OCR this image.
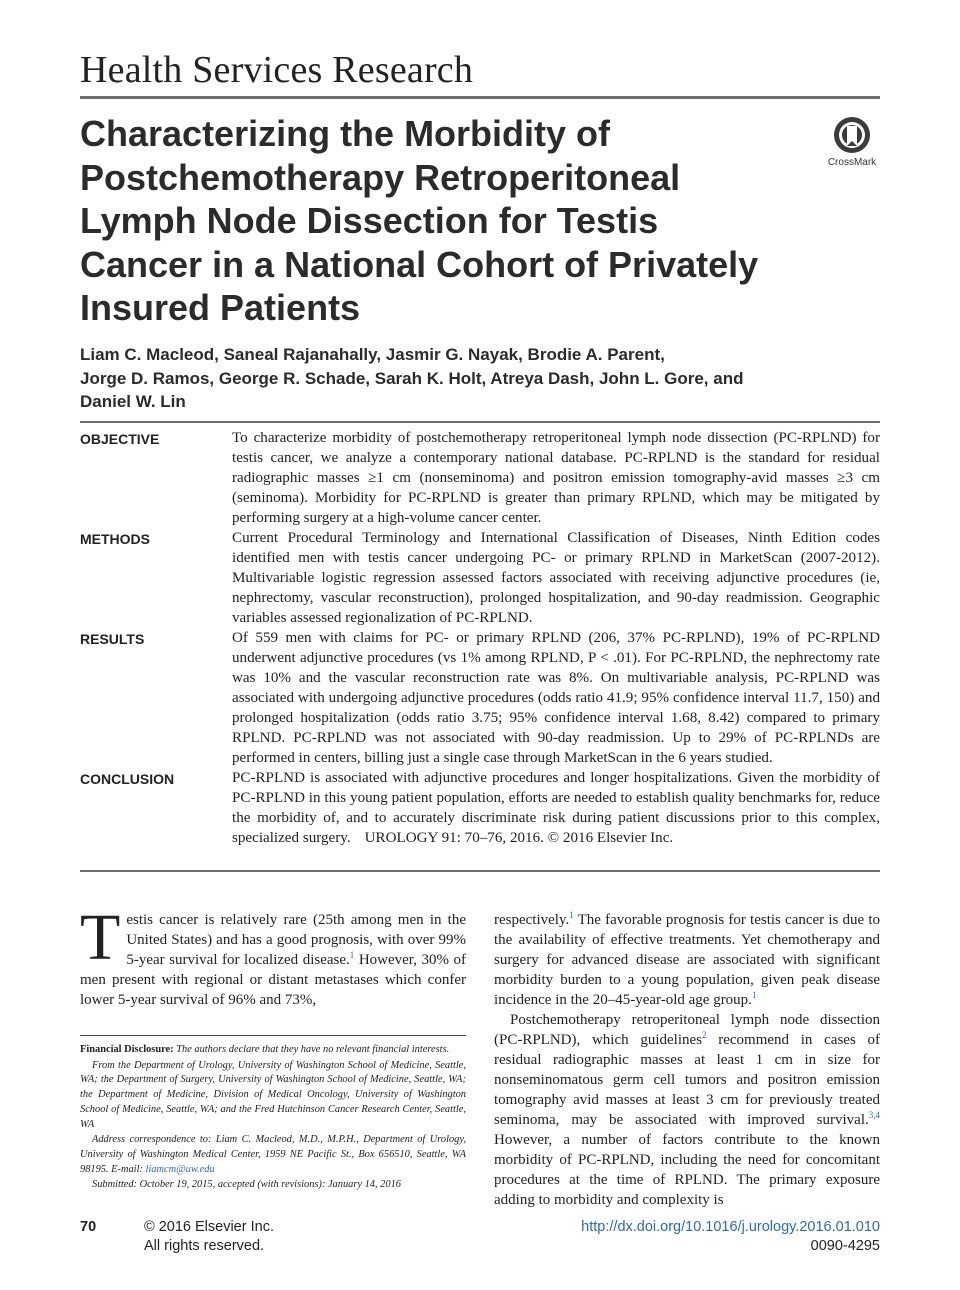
Health Services Research
Characterizing the Morbidity of Postchemotherapy Retroperitoneal Lymph Node Dissection for Testis Cancer in a National Cohort of Privately Insured Patients
CrossMark
Liam C. Macleod, Saneal Rajanahally, Jasmir G. Nayak, Brodie A. Parent,
Jorge D. Ramos, George R. Schade, Sarah K. Holt, Atreya Dash, John L. Gore, and
Daniel W. Lin
OBJECTIVE	To characterize morbidity of postchemotherapy retroperitoneal lymph node dissection (PC-RPLND) for testis cancer, we analyze a contemporary national database. PC-RPLND is the standard for residual radiographic masses ≥1 cm (nonseminoma) and positron emission tomography-avid masses ≥3 cm (seminoma). Morbidity for PC-RPLND is greater than primary RPLND, which may be mitigated by performing surgery at a high-volume cancer center.
METHODS	Current Procedural Terminology and International Classification of Diseases, Ninth Edition codes identified men with testis cancer undergoing PC- or primary RPLND in MarketScan (2007-2012). Multivariable logistic regression assessed factors associated with receiving adjunctive procedures (ie, nephrectomy, vascular reconstruction), prolonged hospitalization, and 90-day readmission. Geographic variables assessed regionalization of PC-RPLND.
RESULTS	Of 559 men with claims for PC- or primary RPLND (206, 37% PC-RPLND), 19% of PC-RPLND underwent adjunctive procedures (vs 1% among RPLND, P < .01). For PC-RPLND, the nephrectomy rate was 10% and the vascular reconstruction rate was 8%. On multivariable analysis, PC-RPLND was associated with undergoing adjunctive procedures (odds ratio 41.9; 95% confidence interval 11.7, 150) and prolonged hospitalization (odds ratio 3.75; 95% confidence interval 1.68, 8.42) compared to primary RPLND. PC-RPLND was not associated with 90-day readmission. Up to 29% of PC-RPLNDs are performed in centers, billing just a single case through MarketScan in the 6 years studied.
CONCLUSION	PC-RPLND is associated with adjunctive procedures and longer hospitalizations. Given the morbidity of PC-RPLND in this young patient population, efforts are needed to establish quality benchmarks for, reduce the morbidity of, and to accurately discriminate risk during patient discussions prior to this complex, specialized surgery. UROLOGY 91: 70–76, 2016. © 2016 Elsevier Inc.

Testis cancer is relatively rare (25th among men in the United States) and has a good prognosis, with over 99% 5-year survival for localized disease.$^1$ However, 30% of men present with regional or distant metastases which confer lower 5-year survival of 96% and 73%,

Financial Disclosure: The authors declare that they have no relevant financial interests.

From the Department of Urology, University of Washington School of Medicine, Seattle, WA; the Department of Surgery, University of Washington School of Medicine, Seattle, WA; the Department of Medicine, Division of Medical Oncology, University of Washington School of Medicine, Seattle, WA; and the Fred Hutchinson Cancer Research Center, Seattle, WA

Address correspondence to: Liam C. Macleod, M.D., M.P.H., Department of Urology, University of Washington Medical Center, 1959 NE Pacific St., Box 656510, Seattle, WA 98195. E-mail: liamcm@uw.edu

Submitted: October 19, 2015, accepted (with revisions): January 14, 2016

respectively.$^1$ The favorable prognosis for testis cancer is due to the availability of effective treatments. Yet chemotherapy and surgery for advanced disease are associated with significant morbidity burden to a young population, given peak disease incidence in the 20–45-year-old age group.$^1$

Postchemotherapy retroperitoneal lymph node dissection (PC-RPLND), which guidelines$^2$ recommend in cases of residual radiographic masses at least 1 cm in size for nonseminomatous germ cell tumors and positron emission tomography avid masses at least 3 cm for previously treated seminoma, may be associated with improved survival.$^{3,4}$ However, a number of factors contribute to the known morbidity of PC-RPLND, including the need for concomitant procedures at the time of RPLND. The primary exposure adding to morbidity and complexity is

70	© 2016 Elsevier Inc.
All rights reserved.
http://dx.doi.org/10.1016/j.urology.2016.01.010
0090-4295
